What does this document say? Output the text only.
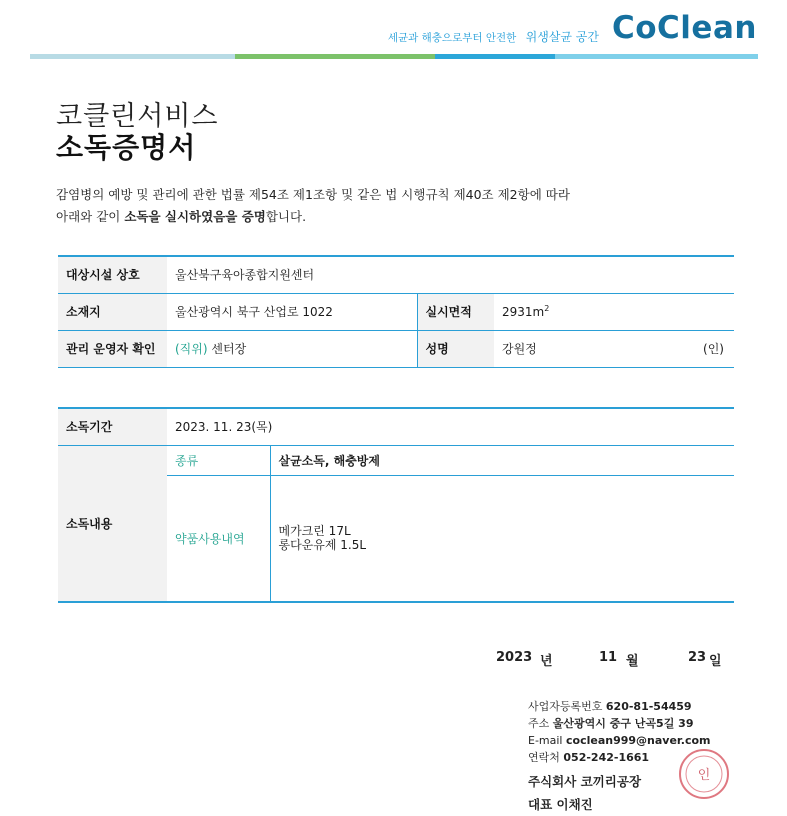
세균과 해충으로부터 안전한 위생살균 공간 CoClean
코클린서비스
소독증명서
감염병의 예방 및 관리에 관한 법률 제54조 제1조항 및 같은 법 시행규칙 제40조 제2항에 따라
아래와 같이 소독을 실시하였음을 증명합니다.
대상시설 상호	울산북구육아종합지원센터		
소재지	울산광역시 북구 산업로 1022	실시면적	$2931m^2$
관리 운영자 확인	(직위) 센터장	성명	강원정 (인)
소독기간	2023. 11. 23(목)	
소독내용	종류	살균소독, 해충방제
	약품사용내역	메가크린 17L
롱다운유제 1.5L
2023 년	11 월	23 일
사업자등록번호 620-81-54459
주소 울산광역시 중구 난곡5길 39
E-mail coclean999@naver.com
연락처 052-242-1661
주식회사 코끼리공장
대표 이채진
인
